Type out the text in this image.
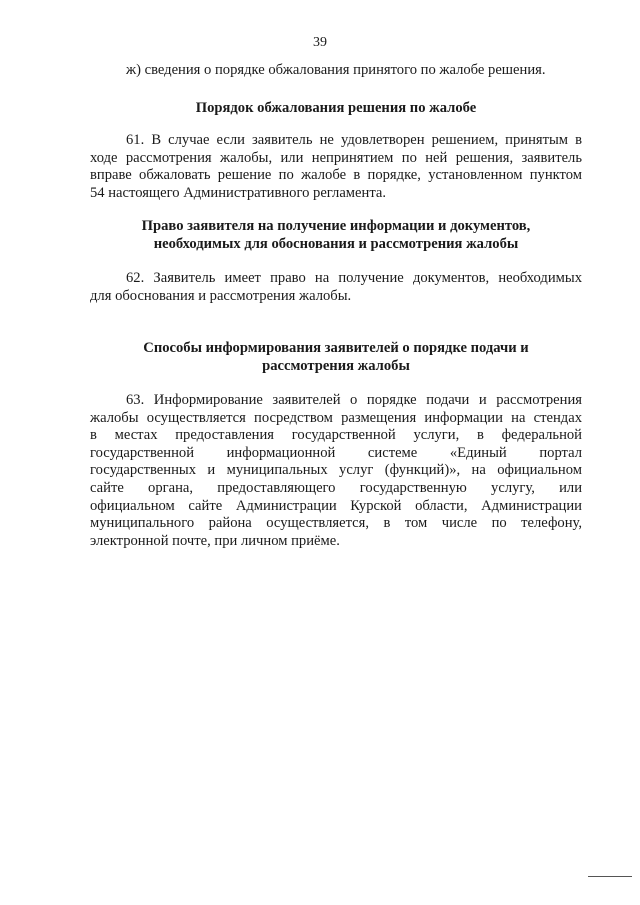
39
ж) сведения о порядке обжалования принятого по жалобе решения.
Порядок обжалования решения по жалобе
61. В случае если заявитель не удовлетворен решением, принятым в
ходе рассмотрения жалобы, или непринятием по ней решения, заявитель
вправе обжаловать решение по жалобе в порядке, установленном пунктом
54 настоящего Административного регламента.
Право заявителя на получение информации и документов,
необходимых для обоснования и рассмотрения жалобы
62. Заявитель имеет право на получение документов, необходимых
для обоснования и рассмотрения жалобы.
Способы информирования заявителей о порядке подачи и
рассмотрения жалобы
63. Информирование заявителей о порядке подачи и рассмотрения
жалобы осуществляется посредством размещения информации на стендах
в местах предоставления государственной услуги, в федеральной
государственной информационной системе «Единый портал
государственных и муниципальных услуг (функций)», на официальном
сайте органа, предоставляющего государственную услугу, или
официальном сайте Администрации Курской области, Администрации
муниципального района осуществляется, в том числе по телефону,
электронной почте, при личном приёме.
